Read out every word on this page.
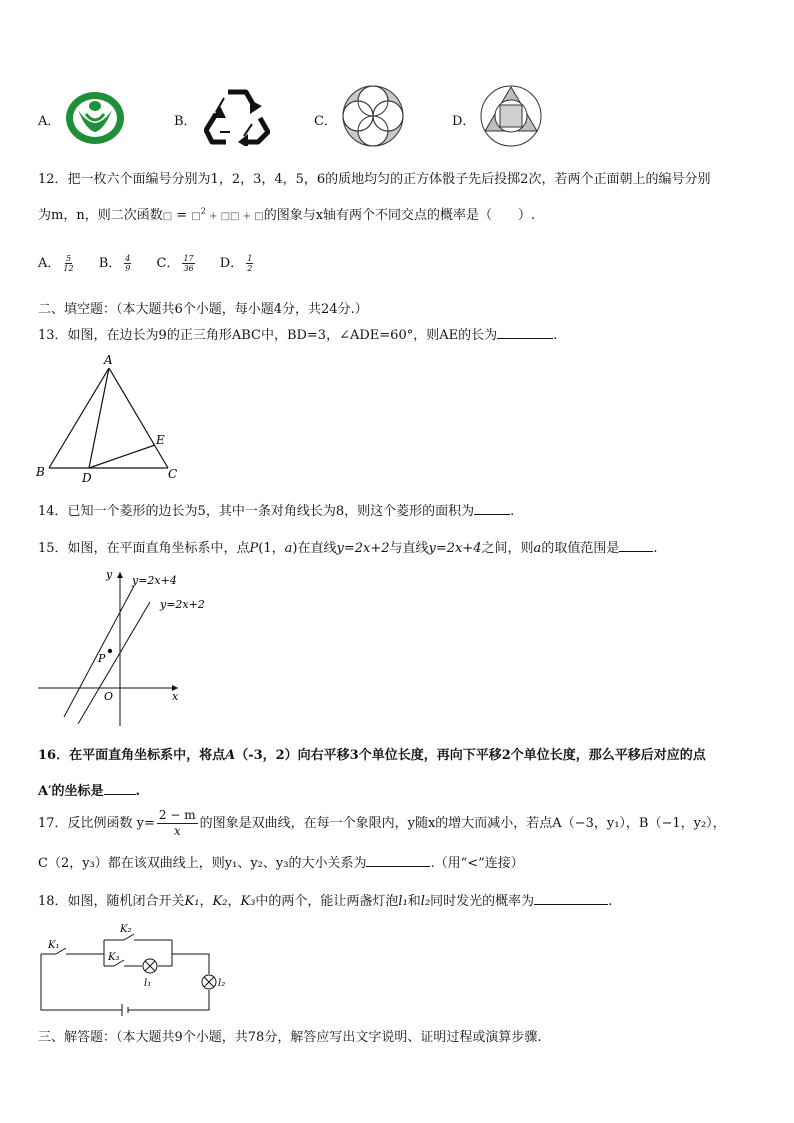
A．	B．	C．	D．
12．把一枚六个面编号分别为1，2，3，4，5，6的质地均匀的正方体骰子先后投掷2次，若两个正面朝上的编号分别
为m，n，则二次函数□ = □$^2$ + □□ + □的图象与x轴有两个不同交点的概率是（　　）.
A． $\frac{5}{12}$ B． $\frac{4}{9}$ C． $\frac{17}{36}$ D． $\frac{1}{2}$
二、填空题：（本大题共6个小题，每小题4分，共24分.）
13．如图，在边长为9的正三角形ABC中，BD=3，∠ADE=60°，则AE的长为	.
A
B	C
D
E
14．已知一个菱形的边长为5，其中一条对角线长为8，则这个菱形的面积为	.
15．如图，在平面直角坐标系中，点P(1，a)在直线y=2x+2与直线y=2x+4之间，则a的取值范围是	.
y
x
O
P
y=2x+4
y=2x+2
16．在平面直角坐标系中，将点A（-3，2）向右平移3个单位长度，再向下平移2个单位长度，那么平移后对应的点
A′的坐标是 .
17．反比例函数 $y= \frac{2 - m}{x}$ 的图象是双曲线，在每一个象限内，y随x的增大而减小，若点A（−3，y₁），B（−1，y₂），
C（2，y₃）都在该双曲线上，则y₁、y₂、y₃的大小关系为	.（用“<”连接）
18．如图，随机闭合开关K₁，K₂，K₃中的两个，能让两盏灯泡l₁和l₂同时发光的概率为	.
K₁
K₂
K₃
l₁	l₂
三、解答题：（本大题共9个小题，共78分，解答应写出文字说明、证明过程或演算步骤.
